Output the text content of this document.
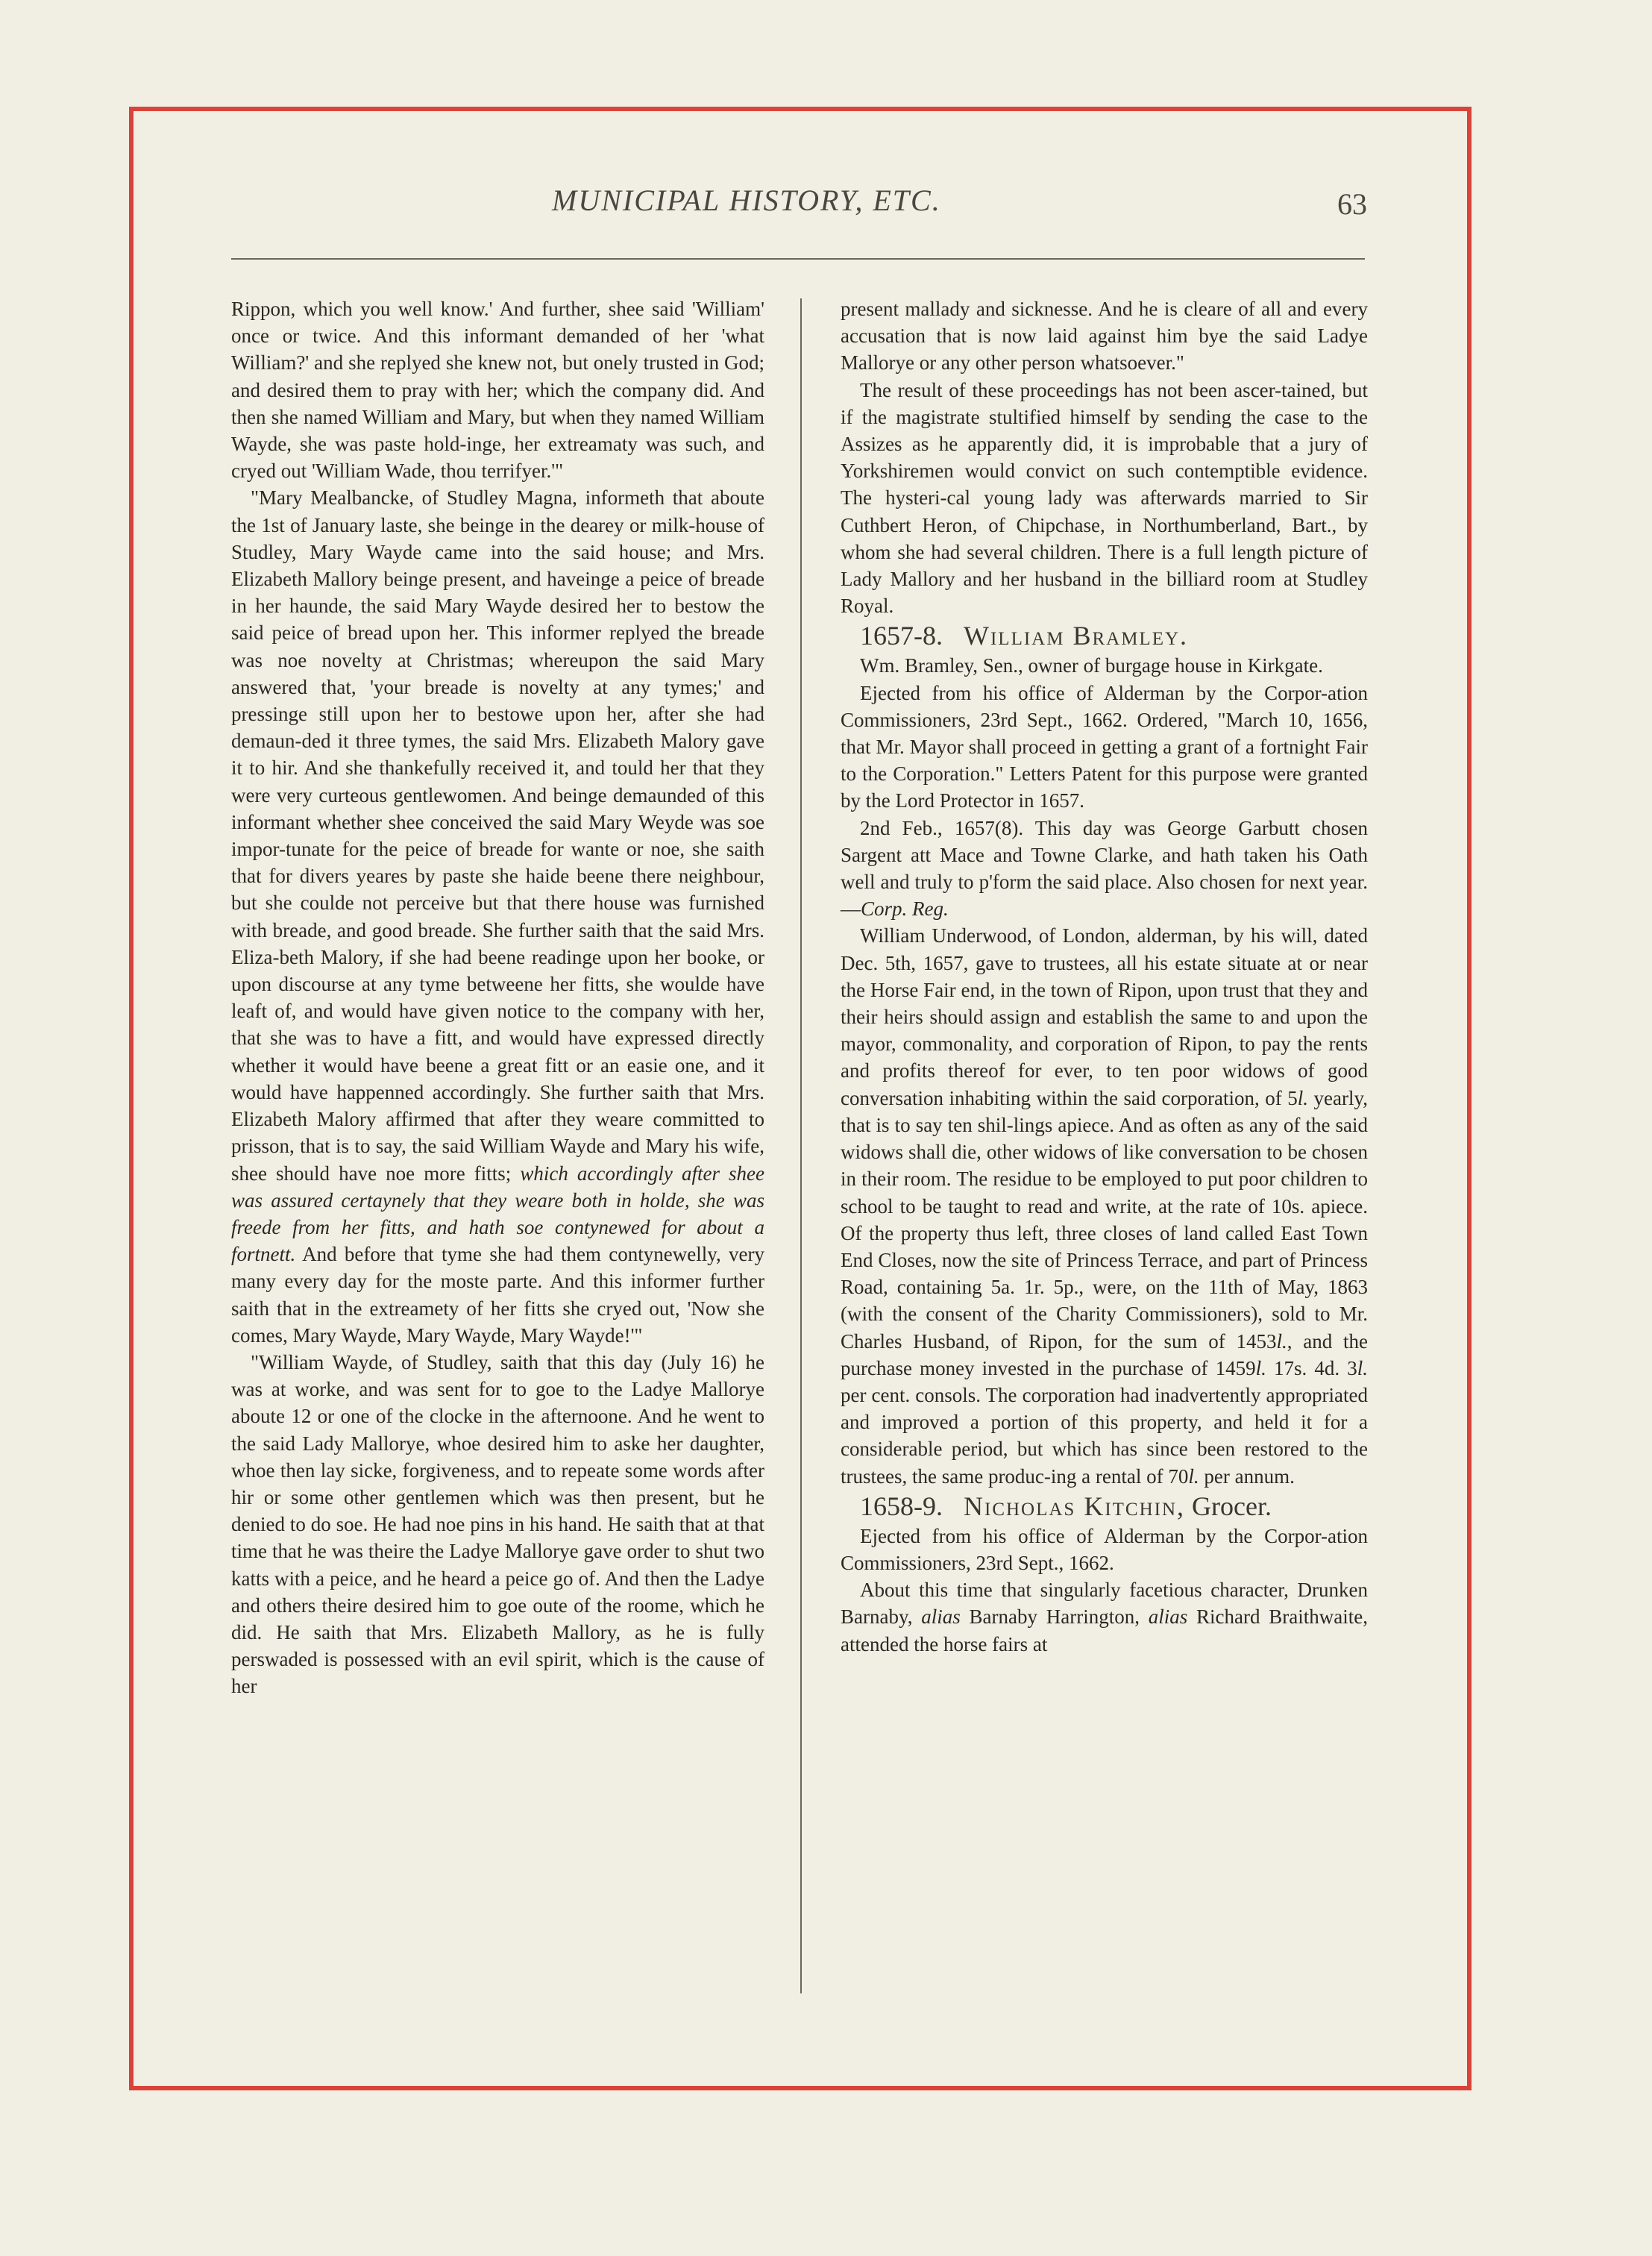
MUNICIPAL HISTORY, ETC.	63

Rippon, which you well know.' And further, shee said 'William' once or twice. And this informant demanded of her 'what William?' and she replyed she knew not, but onely trusted in God; and desired them to pray with her; which the company did. And then she named William and Mary, but when they named William Wayde, she was paste hold-inge, her extreamaty was such, and cryed out 'William Wade, thou terrifyer.'"

"Mary Mealbancke, of Studley Magna, informeth that aboute the 1st of January laste, she beinge in the dearey or milk-house of Studley, Mary Wayde came into the said house; and Mrs. Elizabeth Mallory beinge present, and haveinge a peice of breade in her haunde, the said Mary Wayde desired her to bestow the said peice of bread upon her. This informer replyed the breade was noe novelty at Christmas; whereupon the said Mary answered that, 'your breade is novelty at any tymes;' and pressinge still upon her to bestowe upon her, after she had demaun-ded it three tymes, the said Mrs. Elizabeth Malory gave it to hir. And she thankefully received it, and tould her that they were very curteous gentlewomen. And beinge demaunded of this informant whether shee conceived the said Mary Weyde was soe impor-tunate for the peice of breade for wante or noe, she saith that for divers yeares by paste she haide beene there neighbour, but she coulde not perceive but that there house was furnished with breade, and good breade. She further saith that the said Mrs. Eliza-beth Malory, if she had beene readinge upon her booke, or upon discourse at any tyme betweene her fitts, she woulde have leaft of, and would have given notice to the company with her, that she was to have a fitt, and would have expressed directly whether it would have beene a great fitt or an easie one, and it would have happenned accordingly. She further saith that Mrs. Elizabeth Malory affirmed that after they weare committed to prisson, that is to say, the said William Wayde and Mary his wife, shee should have noe more fitts; which accordingly after shee was assured certaynely that they weare both in holde, she was freede from her fitts, and hath soe contynewed for about a fortnett. And before that tyme she had them contynewelly, very many every day for the moste parte. And this informer further saith that in the extreamety of her fitts she cryed out, 'Now she comes, Mary Wayde, Mary Wayde, Mary Wayde!'"

"William Wayde, of Studley, saith that this day (July 16) he was at worke, and was sent for to goe to the Ladye Mallorye aboute 12 or one of the clocke in the afternoone. And he went to the said Lady Mallorye, whoe desired him to aske her daughter, whoe then lay sicke, forgiveness, and to repeate some words after hir or some other gentlemen which was then present, but he denied to do soe. He had noe pins in his hand. He saith that at that time that he was theire the Ladye Mallorye gave order to shut two katts with a peice, and he heard a peice go of. And then the Ladye and others theire desired him to goe oute of the roome, which he did. He saith that Mrs. Elizabeth Mallory, as he is fully perswaded is possessed with an evil spirit, which is the cause of her

present mallady and sicknesse. And he is cleare of all and every accusation that is now laid against him bye the said Ladye Mallorye or any other person whatsoever."

The result of these proceedings has not been ascer-tained, but if the magistrate stultified himself by sending the case to the Assizes as he apparently did, it is improbable that a jury of Yorkshiremen would convict on such contemptible evidence. The hysteri-cal young lady was afterwards married to Sir Cuthbert Heron, of Chipchase, in Northumberland, Bart., by whom she had several children. There is a full length picture of Lady Mallory and her husband in the billiard room at Studley Royal.

1657-8. William Bramley.

Wm. Bramley, Sen., owner of burgage house in Kirkgate.

Ejected from his office of Alderman by the Corpor-ation Commissioners, 23rd Sept., 1662. Ordered, "March 10, 1656, that Mr. Mayor shall proceed in getting a grant of a fortnight Fair to the Corporation." Letters Patent for this purpose were granted by the Lord Protector in 1657.

2nd Feb., 1657(8). This day was George Garbutt chosen Sargent att Mace and Towne Clarke, and hath taken his Oath well and truly to p'form the said place. Also chosen for next year.—Corp. Reg.

William Underwood, of London, alderman, by his will, dated Dec. 5th, 1657, gave to trustees, all his estate situate at or near the Horse Fair end, in the town of Ripon, upon trust that they and their heirs should assign and establish the same to and upon the mayor, commonality, and corporation of Ripon, to pay the rents and profits thereof for ever, to ten poor widows of good conversation inhabiting within the said corporation, of 5l. yearly, that is to say ten shil-lings apiece. And as often as any of the said widows shall die, other widows of like conversation to be chosen in their room. The residue to be employed to put poor children to school to be taught to read and write, at the rate of 10s. apiece. Of the property thus left, three closes of land called East Town End Closes, now the site of Princess Terrace, and part of Princess Road, containing 5a. 1r. 5p., were, on the 11th of May, 1863 (with the consent of the Charity Commissioners), sold to Mr. Charles Husband, of Ripon, for the sum of 1453l., and the purchase money invested in the purchase of 1459l. 17s. 4d. 3l. per cent. consols. The corporation had inadvertently appropriated and improved a portion of this property, and held it for a considerable period, but which has since been restored to the trustees, the same produc-ing a rental of 70l. per annum.

1658-9. Nicholas Kitchin, Grocer.

Ejected from his office of Alderman by the Corpor-ation Commissioners, 23rd Sept., 1662.

About this time that singularly facetious character, Drunken Barnaby, alias Barnaby Harrington, alias Richard Braithwaite, attended the horse fairs at
